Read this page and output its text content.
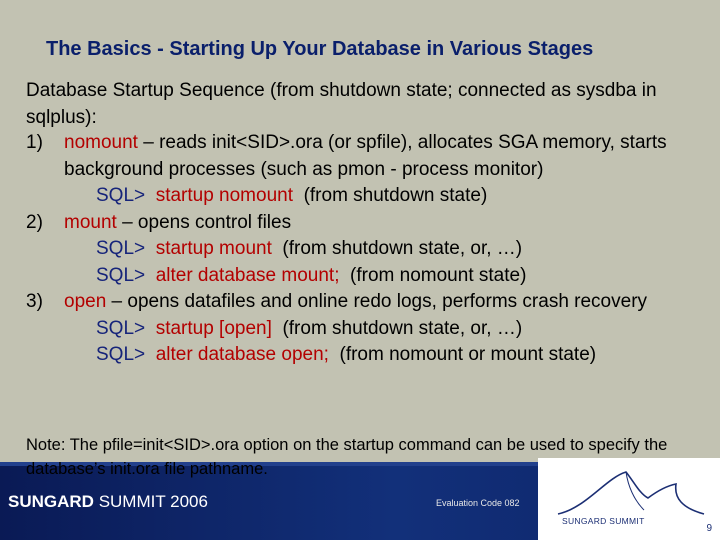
The Basics - Starting Up Your Database in Various Stages
Database Startup Sequence (from shutdown state; connected as sysdba in sqlplus):
1) nomount – reads init<SID>.ora (or spfile), allocates SGA memory, starts background processes (such as pmon - process monitor)
SQL> startup nomount (from shutdown state)
2) mount – opens control files
SQL> startup mount (from shutdown state, or, …)
SQL> alter database mount; (from nomount state)
3) open – opens datafiles and online redo logs, performs crash recovery
SQL> startup [open] (from shutdown state, or, …)
SQL> alter database open; (from nomount or mount state)
Note: The pfile=init<SID>.ora option on the startup command can be used to specify the database’s init.ora file pathname.
SUNGARD SUMMIT 2006	Evaluation Code 082
SUNGARD SUMMIT
9
